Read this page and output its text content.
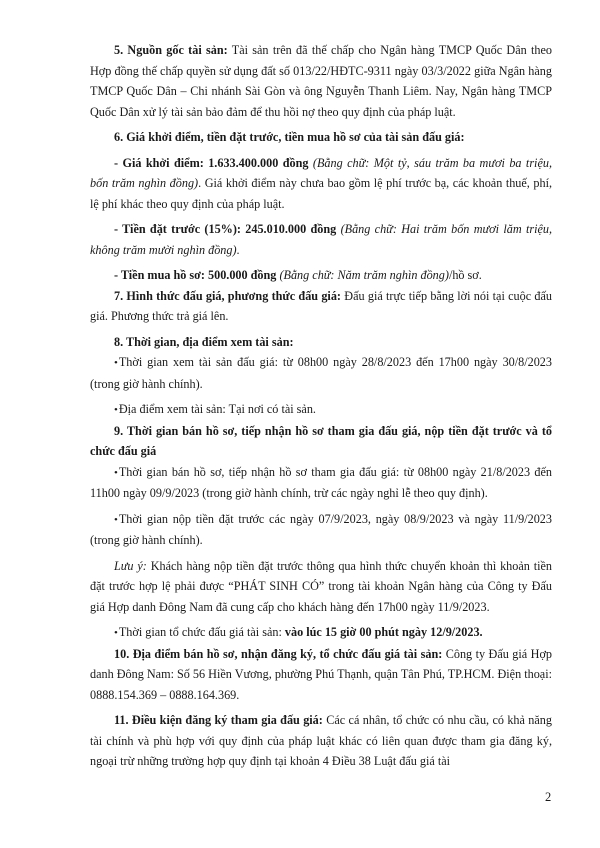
5. Nguồn gốc tài sản: Tài sản trên đã thế chấp cho Ngân hàng TMCP Quốc Dân theo Hợp đồng thế chấp quyền sử dụng đất số 013/22/HĐTC-9311 ngày 03/3/2022 giữa Ngân hàng TMCP Quốc Dân – Chi nhánh Sài Gòn và ông Nguyễn Thanh Liêm. Nay, Ngân hàng TMCP Quốc Dân xử lý tài sản bảo đảm để thu hồi nợ theo quy định của pháp luật.

6. Giá khởi điểm, tiền đặt trước, tiền mua hồ sơ của tài sản đấu giá:

- Giá khởi điểm: 1.633.400.000 đồng (Bằng chữ: Một tỷ, sáu trăm ba mươi ba triệu, bốn trăm nghìn đồng). Giá khởi điểm này chưa bao gồm lệ phí trước bạ, các khoản thuế, phí, lệ phí khác theo quy định của pháp luật.

- Tiền đặt trước (15%): 245.010.000 đồng (Bằng chữ: Hai trăm bốn mươi lăm triệu, không trăm mười nghìn đồng).

- Tiền mua hồ sơ: 500.000 đồng (Bằng chữ: Năm trăm nghìn đồng)/hồ sơ.

7. Hình thức đấu giá, phương thức đấu giá: Đấu giá trực tiếp bằng lời nói tại cuộc đấu giá. Phương thức trả giá lên.

8. Thời gian, địa điểm xem tài sản:

•Thời gian xem tài sản đấu giá: từ 08h00 ngày 28/8/2023 đến 17h00 ngày 30/8/2023 (trong giờ hành chính).

•Địa điểm xem tài sản: Tại nơi có tài sản.

9. Thời gian bán hồ sơ, tiếp nhận hồ sơ tham gia đấu giá, nộp tiền đặt trước và tổ chức đấu giá

•Thời gian bán hồ sơ, tiếp nhận hồ sơ tham gia đấu giá: từ 08h00 ngày 21/8/2023 đến 11h00 ngày 09/9/2023 (trong giờ hành chính, trừ các ngày nghỉ lễ theo quy định).

•Thời gian nộp tiền đặt trước các ngày 07/9/2023, ngày 08/9/2023 và ngày 11/9/2023 (trong giờ hành chính).

Lưu ý: Khách hàng nộp tiền đặt trước thông qua hình thức chuyển khoản thì khoản tiền đặt trước hợp lệ phải được “PHÁT SINH CÓ” trong tài khoản Ngân hàng của Công ty Đấu giá Hợp danh Đông Nam đã cung cấp cho khách hàng đến 17h00 ngày 11/9/2023.

•Thời gian tổ chức đấu giá tài sản: vào lúc 15 giờ 00 phút ngày 12/9/2023.

10. Địa điểm bán hồ sơ, nhận đăng ký, tổ chức đấu giá tài sản: Công ty Đấu giá Hợp danh Đông Nam: Số 56 Hiền Vương, phường Phú Thạnh, quận Tân Phú, TP.HCM. Điện thoại: 0888.154.369 – 0888.164.369.

11. Điều kiện đăng ký tham gia đấu giá: Các cá nhân, tổ chức có nhu cầu, có khả năng tài chính và phù hợp với quy định của pháp luật khác có liên quan được tham gia đăng ký, ngoại trừ những trường hợp quy định tại khoản 4 Điều 38 Luật đấu giá tài

2
